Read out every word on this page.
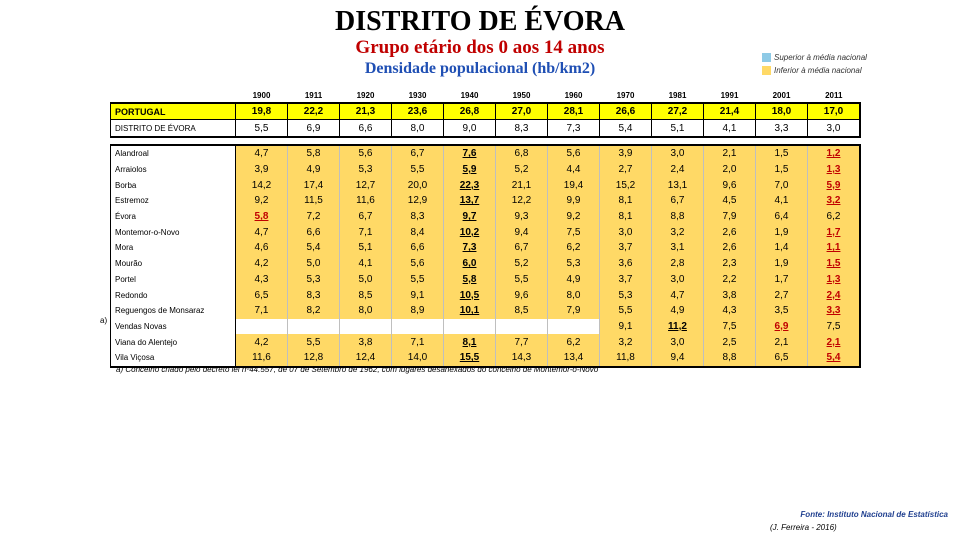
DISTRITO DE ÉVORA
Grupo etário dos 0 aos 14 anos
Densidade populacional (hb/km2)
Superior à média nacional
Inferior à média nacional
	1900	1911	1920	1930	1940	1950	1960	1970	1981	1991	2001	2011
PORTUGAL	19,8	22,2	21,3	23,6	26,8	27,0	28,1	26,6	27,2	21,4	18,0	17,0
DISTRITO DE ÉVORA	5,5	6,9	6,6	8,0	9,0	8,3	7,3	5,4	5,1	4,1	3,3	3,0

Alandroal	4,7	5,8	5,6	6,7	7,6	6,8	5,6	3,9	3,0	2,1	1,5	1,2
Arraiolos	3,9	4,9	5,3	5,5	5,9	5,2	4,4	2,7	2,4	2,0	1,5	1,3
Borba	14,2	17,4	12,7	20,0	22,3	21,1	19,4	15,2	13,1	9,6	7,0	5,9
Estremoz	9,2	11,5	11,6	12,9	13,7	12,2	9,9	8,1	6,7	4,5	4,1	3,2
Évora	5,8	7,2	6,7	8,3	9,7	9,3	9,2	8,1	8,8	7,9	6,4	6,2
Montemor-o-Novo	4,7	6,6	7,1	8,4	10,2	9,4	7,5	3,0	3,2	2,6	1,9	1,7
Mora	4,6	5,4	5,1	6,6	7,3	6,7	6,2	3,7	3,1	2,6	1,4	1,1
Mourão	4,2	5,0	4,1	5,6	6,0	5,2	5,3	3,6	2,8	2,3	1,9	1,5
Portel	4,3	5,3	5,0	5,5	5,8	5,5	4,9	3,7	3,0	2,2	1,7	1,3
Redondo	6,5	8,3	8,5	9,1	10,5	9,6	8,0	5,3	4,7	3,8	2,7	2,4
Reguengos de Monsaraz	7,1	8,2	8,0	8,9	10,1	8,5	7,9	5,5	4,9	4,3	3,5	3,3
Vendas Novas								9,1	11,2	7,5	6,9	7,5
Viana do Alentejo	4,2	5,5	3,8	7,1	8,1	7,7	6,2	3,2	3,0	2,5	2,1	2,1
Vila Viçosa	11,6	12,8	12,4	14,0	15,5	14,3	13,4	11,8	9,4	8,8	6,5	5,4
a)
a) Concelho criado pelo decreto lei nº44.557, de 07 de Setembro de 1962, com lugares desanexados do concelho de Montemor-o-Novo
Fonte: Instituto Nacional de Estatística
(J. Ferreira - 2016)
